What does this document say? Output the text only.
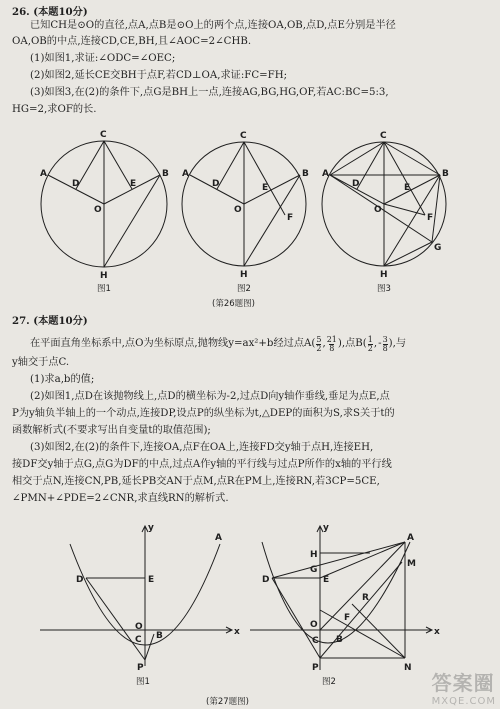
26. (本题10分)
已知CH是⊙O的直径,点A,点B是⊙O上的两个点,连接OA,OB,点D,点E分别是半径
OA,OB的中点,连接CD,CE,BH,且∠AOC=2∠CHB.
(1)如图1,求证:∠ODC=∠OEC;
(2)如图2,延长CE交BH于点F,若CD⊥OA,求证:FC=FH;
(3)如图3,在(2)的条件下,点G是BH上一点,连接AG,BG,HG,OF,若AC:BC=5:3,
HG=2,求OF的长.
C
A
D
B
E
O
H
图1
C
A
D
B
E
O
F
H
图2
C
A
D
B
E
O
F
G
H
图3
(第26题图)
27. (本题10分)
在平面直角坐标系中,点O为坐标原点,抛物线y=ax²+b经过点$A( \frac{5}{2}$ , $\frac{21}{8}$ ),点$B( \frac{1}{2}$ , - $\frac{3}{8}$ ),与
y轴交于点C.
(1)求a,b的值;
(2)如图1,点D在该抛物线上,点D的横坐标为-2,过点D向y轴作垂线,垂足为点E,点
P为y轴负半轴上的一个动点,连接DP,设点P的纵坐标为t,△DEP的面积为S,求S关于t的
函数解析式(不要求写出自变量t的取值范围);
(3)如图2,在(2)的条件下,连接OA,点F在OA上,连接FD交y轴于点H,连接EH,
接DF交y轴于点G,点G为DF的中点,过点A作y轴的平行线与过点P所作的x轴的平行线
相交于点N,连接CN,PB,延长PB交AN于点M,点R在PM上,连接RN,若3CP=5CE,
∠PMN+∠PDE=2∠CNR,求直线RN的解析式.
y
A
D	E
O
C B	x
P
图1
y
H
A
G
M
D	E
R
O
F
x
C B
P	N
图2
(第27题图)
答案圈
MXQE.COM
